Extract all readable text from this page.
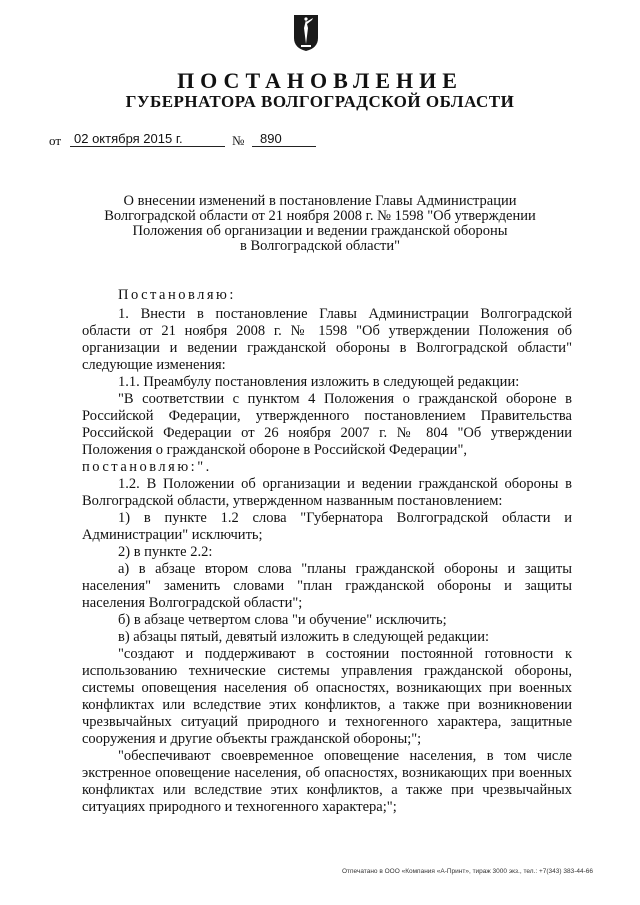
ПОСТАНОВЛЕНИЕ
ГУБЕРНАТОРА ВОЛГОГРАДСКОЙ ОБЛАСТИ
от 02 октября 2015 г.	№	890
О внесении изменений в постановление Главы Администрации
Волгоградской области от 21 ноября 2008 г. № 1598 "Об утверждении
Положения об организации и ведении гражданской обороны
в Волгоградской области"

Постановляю:

1. Внести в постановление Главы Администрации Волгоградской области от 21 ноября 2008 г. № 1598 "Об утверждении Положения об организации и ведении гражданской обороны в Волгоградской области" следующие изменения:

1.1. Преамбулу постановления изложить в следующей редакции:

"В соответствии с пунктом 4 Положения о гражданской обороне в Российской Федерации, утвержденного постановлением Правительства Российской Федерации от 26 ноября 2007 г. № 804 "Об утверждении Положения о гражданской обороне в Российской Федерации",

постановляю:".

1.2. В Положении об организации и ведении гражданской обороны в Волгоградской области, утвержденном названным постановлением:

1) в пункте 1.2 слова "Губернатора Волгоградской области и Администрации" исключить;

2) в пункте 2.2:

а) в абзаце втором слова "планы гражданской обороны и защиты населения" заменить словами "план гражданской обороны и защиты населения Волгоградской области";

б) в абзаце четвертом слова "и обучение" исключить;

в) абзацы пятый, девятый изложить в следующей редакции:

"создают и поддерживают в состоянии постоянной готовности к использованию технические системы управления гражданской обороны, системы оповещения населения об опасностях, возникающих при военных конфликтах или вследствие этих конфликтов, а также при возникновении чрезвычайных ситуаций природного и техногенного характера, защитные сооружения и другие объекты гражданской обороны;";

"обеспечивают своевременное оповещение населения, в том числе экстренное оповещение населения, об опасностях, возникающих при военных конфликтах или вследствие этих конфликтов, а также при чрезвычайных ситуациях природного и техногенного характера;";

Отпечатано в ООО «Компания «А-Принт», тираж 3000 экз., тел.: +7(343) 383-44-66
